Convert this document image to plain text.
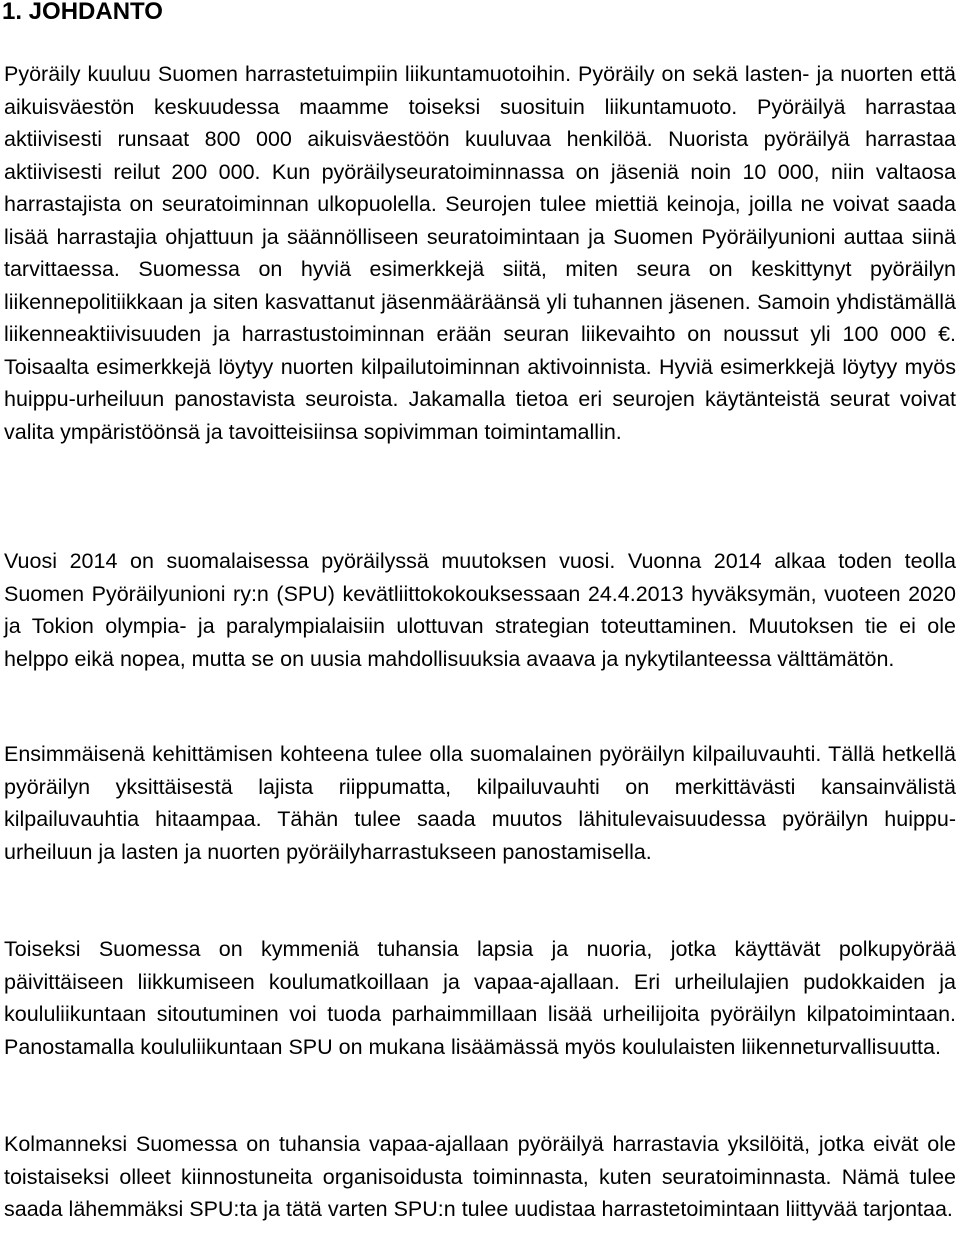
1. JOHDANTO

Pyöräily kuuluu Suomen harrastetuimpiin liikuntamuotoihin. Pyöräily on sekä lasten- ja nuorten että aikuisväestön keskuudessa maamme toiseksi suosituin liikuntamuoto. Pyöräilyä harrastaa aktiivisesti runsaat 800 000 aikuisväestöön kuuluvaa henkilöä. Nuorista pyöräilyä harrastaa aktiivisesti reilut 200 000. Kun pyöräilyseuratoiminnassa on jäseniä noin 10 000, niin valtaosa harrastajista on seuratoiminnan ulkopuolella. Seurojen tulee miettiä keinoja, joilla ne voivat saada lisää harrastajia ohjattuun ja säännölliseen seuratoimintaan ja Suomen Pyöräilyunioni auttaa siinä tarvittaessa. Suomessa on hyviä esimerkkejä siitä, miten seura on keskittynyt pyöräilyn liikennepolitiikkaan ja siten kasvattanut jäsenmääräänsä yli tuhannen jäsenen. Samoin yhdistämällä liikenneaktiivisuuden ja harrastustoiminnan erään seuran liikevaihto on noussut yli 100 000 €. Toisaalta esimerkkejä löytyy nuorten kilpailutoiminnan aktivoinnista. Hyviä esimerkkejä löytyy myös huippu-urheiluun panostavista seuroista. Jakamalla tietoa eri seurojen käytänteistä seurat voivat valita ympäristöönsä ja tavoitteisiinsa sopivimman toimintamallin.

Vuosi 2014 on suomalaisessa pyöräilyssä muutoksen vuosi. Vuonna 2014 alkaa toden teolla Suomen Pyöräilyunioni ry:n (SPU) kevätliittokokouksessaan 24.4.2013 hyväksymän, vuoteen 2020 ja Tokion olympia- ja paralympialaisiin ulottuvan strategian toteuttaminen. Muutoksen tie ei ole helppo eikä nopea, mutta se on uusia mahdollisuuksia avaava ja nykytilanteessa välttämätön.

Ensimmäisenä kehittämisen kohteena tulee olla suomalainen pyöräilyn kilpailuvauhti. Tällä hetkellä pyöräilyn yksittäisestä lajista riippumatta, kilpailuvauhti on merkittävästi kansainvälistä kilpailuvauhtia hitaampaa. Tähän tulee saada muutos lähitulevaisuudessa pyöräilyn huippu-urheiluun ja lasten ja nuorten pyöräilyharrastukseen panostamisella.

Toiseksi Suomessa on kymmeniä tuhansia lapsia ja nuoria, jotka käyttävät polkupyörää päivittäiseen liikkumiseen koulumatkoillaan ja vapaa-ajallaan. Eri urheilulajien pudokkaiden ja koululiikuntaan sitoutuminen voi tuoda parhaimmillaan lisää urheilijoita pyöräilyn kilpatoimintaan. Panostamalla koululiikuntaan SPU on mukana lisäämässä myös koululaisten liikenneturvallisuutta.

Kolmanneksi Suomessa on tuhansia vapaa-ajallaan pyöräilyä harrastavia yksilöitä, jotka eivät ole toistaiseksi olleet kiinnostuneita organisoidusta toiminnasta, kuten seuratoiminnasta. Nämä tulee saada lähemmäksi SPU:ta ja tätä varten SPU:n tulee uudistaa harrastetoimintaan liittyvää tarjontaa.
